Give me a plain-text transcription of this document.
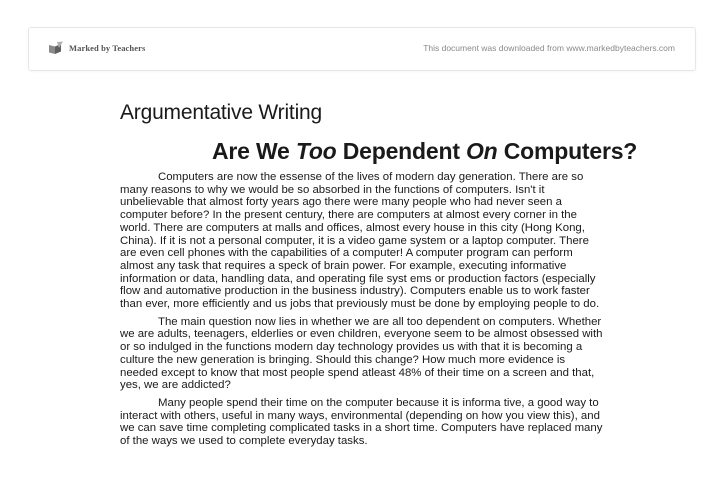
Marked by Teachers	This document was downloaded from www.markedbyteachers.com
Argumentative Writing
Are We Too Dependent On Computers?

Computers are now the essense of the lives of modern day generation. There are so many reasons to why we would be so absorbed in the functions of computers. Isn't it unbelievable that almost forty years ago there were many people who had never seen a computer before? In the present century, there are computers at almost every corner in the world. There are computers at malls and offices, almost every house in this city (Hong Kong, China). If it is not a personal computer, it is a video game system or a laptop computer. There are even cell phones with the capabilities of a computer! A computer program can perform almost any task that requires a speck of brain power. For example, executing informative information or data, handling data, and operating file syst ems or production factors (especially flow and automative production in the business industry). Computers enable us to work faster than ever, more efficiently and us jobs that previously must be done by employing people to do.

The main question now lies in whether we are all too dependent on computers. Whether we are adults, teenagers, elderlies or even children, everyone seem to be almost obsessed with or so indulged in the functions modern day technology provides us with that it is becoming a culture the new generation is bringing. Should this change? How much more evidence is needed except to know that most people spend atleast 48% of their time on a screen and that, yes, we are addicted?

Many people spend their time on the computer because it is informa tive, a good way to interact with others, useful in many ways, environmental (depending on how you view this), and we can save time completing complicated tasks in a short time. Computers have replaced many of the ways we used to complete everyday tasks.
